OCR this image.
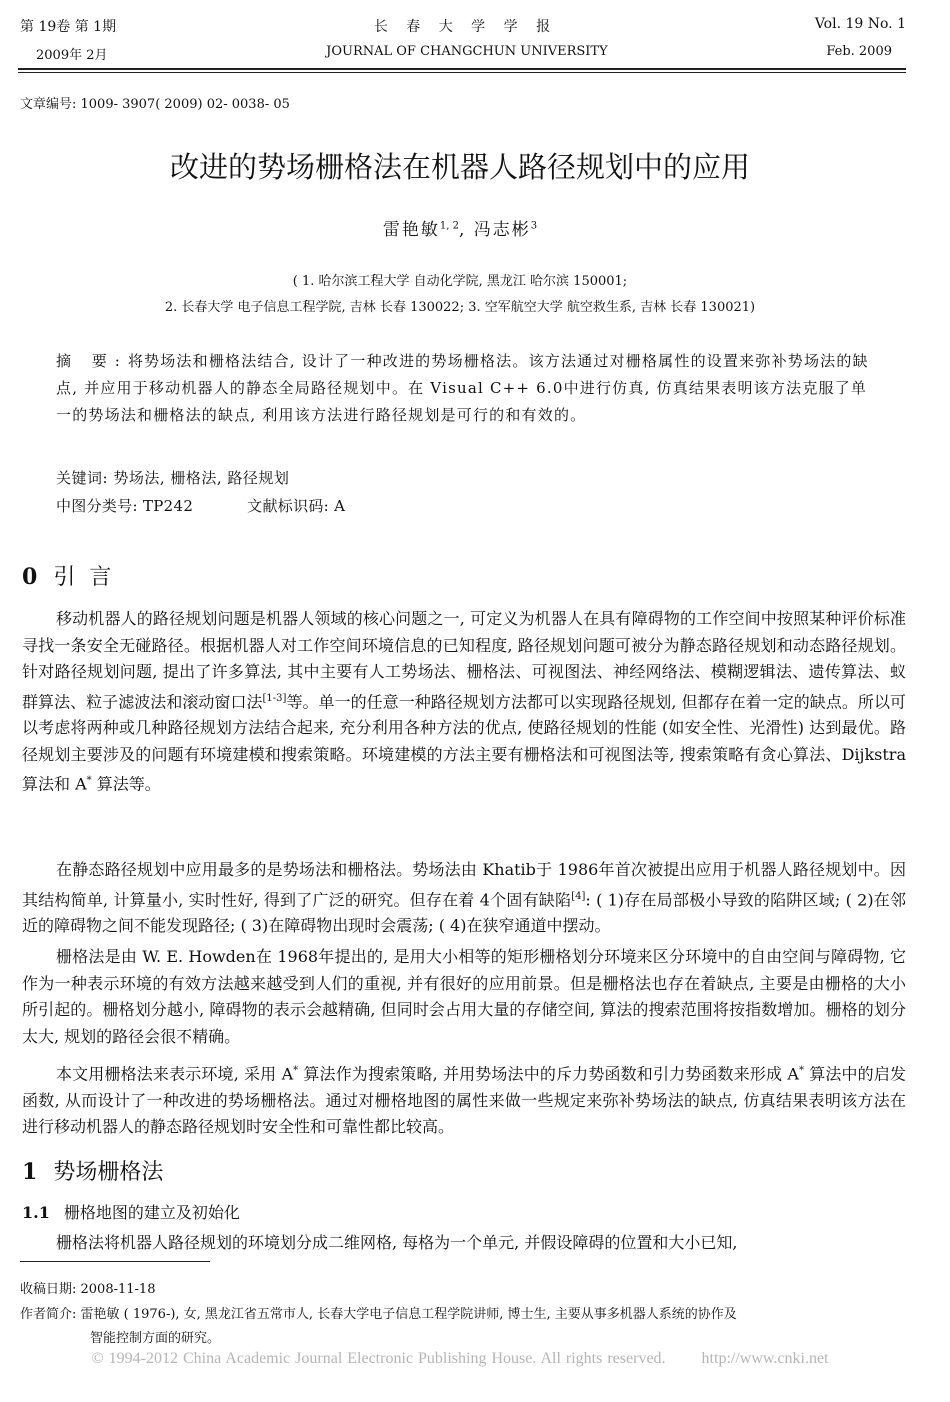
第 19卷 第 1期	长 春 大 学 学 报	Vol. 19 No. 1
2009年 2月	JOURNAL OF CHANGCHUN UNIVERSITY	Feb. 2009
文章编号: 1009- 3907( 2009) 02- 0038- 05
改进的势场栅格法在机器人路径规划中的应用
雷艳敏$^{1, 2}$, 冯志彬$^3$
( 1. 哈尔滨工程大学 自动化学院, 黑龙江 哈尔滨 150001;
2. 长春大学 电子信息工程学院, 吉林 长春 130022; 3. 空军航空大学 航空救生系, 吉林 长春 130021)
摘 要:将势场法和栅格法结合, 设计了一种改进的势场栅格法。该方法通过对栅格属性的设置来弥补势场法的缺点, 并应用于移动机器人的静态全局路径规划中。在 Visual C++ 6.0中进行仿真, 仿真结果表明该方法克服了单一的势场法和栅格法的缺点, 利用该方法进行路径规划是可行的和有效的。
关键词: 势场法, 栅格法, 路径规划
中图分类号: TP242	文献标识码: A
0 引言

移动机器人的路径规划问题是机器人领域的核心问题之一, 可定义为机器人在具有障碍物的工作空间中按照某种评价标准寻找一条安全无碰路径。根据机器人对工作空间环境信息的已知程度, 路径规划问题可被分为静态路径规划和动态路径规划。针对路径规划问题, 提出了许多算法, 其中主要有人工势场法、栅格法、可视图法、神经网络法、模糊逻辑法、遗传算法、蚁群算法、粒子滤波法和滚动窗口法[1-3]等。单一的任意一种路径规划方法都可以实现路径规划, 但都存在着一定的缺点。所以可以考虑将两种或几种路径规划方法结合起来, 充分利用各种方法的优点, 使路径规划的性能 (如安全性、光滑性) 达到最优。路径规划主要涉及的问题有环境建模和搜索策略。环境建模的方法主要有栅格法和可视图法等, 搜索策略有贪心算法、Dijkstra算法和 A* 算法等。

在静态路径规划中应用最多的是势场法和栅格法。势场法由 Khatib于 1986年首次被提出应用于机器人路径规划中。因其结构简单, 计算量小, 实时性好, 得到了广泛的研究。但存在着 4个固有缺陷[4]: ( 1)存在局部极小导致的陷阱区域; ( 2)在邻近的障碍物之间不能发现路径; ( 3)在障碍物出现时会震荡; ( 4)在狭窄通道中摆动。

栅格法是由 W. E. Howden在 1968年提出的, 是用大小相等的矩形栅格划分环境来区分环境中的自由空间与障碍物, 它作为一种表示环境的有效方法越来越受到人们的重视, 并有很好的应用前景。但是栅格法也存在着缺点, 主要是由栅格的大小所引起的。栅格划分越小, 障碍物的表示会越精确, 但同时会占用大量的存储空间, 算法的搜索范围将按指数增加。栅格的划分太大, 规划的路径会很不精确。

本文用栅格法来表示环境, 采用 A* 算法作为搜索策略, 并用势场法中的斥力势函数和引力势函数来形成 A* 算法中的启发函数, 从而设计了一种改进的势场栅格法。通过对栅格地图的属性来做一些规定来弥补势场法的缺点, 仿真结果表明该方法在进行移动机器人的静态路径规划时安全性和可靠性都比较高。

1 势场栅格法
1.1 栅格地图的建立及初始化
栅格法将机器人路径规划的环境划分成二维网格, 每格为一个单元, 并假设障碍的位置和大小已知,
收稿日期: 2008-11-18
作者简介: 雷艳敏 ( 1976-), 女, 黑龙江省五常市人, 长春大学电子信息工程学院讲师, 博士生, 主要从事多机器人系统的协作及
智能控制方面的研究。
© 1994-2012 China Academic Journal Electronic Publishing House. All rights reserved. http://www.cnki.net
